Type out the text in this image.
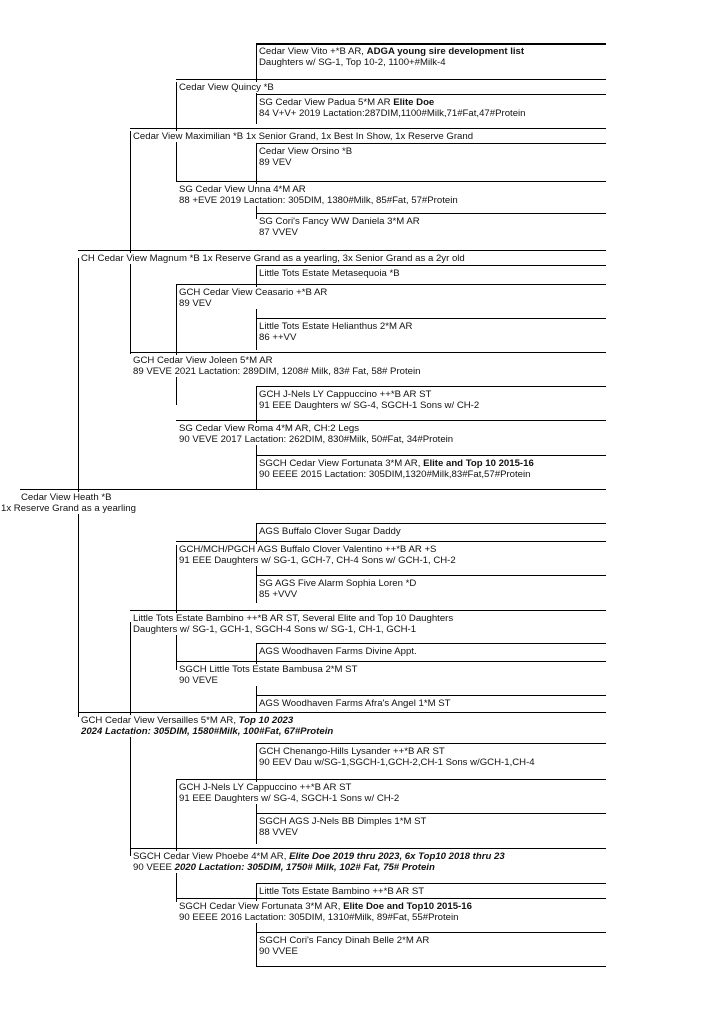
Cedar View Vito +*B AR, ADGA young sire development list
Daughters w/ SG-1, Top 10-2, 1100+#Milk-4
Cedar View Quincy *B
SG Cedar View Padua 5*M AR Elite Doe
84 V+V+ 2019 Lactation:287DIM,1100#Milk,71#Fat,47#Protein
Cedar View Maximilian *B 1x Senior Grand, 1x Best In Show, 1x Reserve Grand
Cedar View Orsino *B
89 VEV
SG Cedar View Unna 4*M AR
88 +EVE 2019 Lactation: 305DIM, 1380#Milk, 85#Fat, 57#Protein
SG Cori's Fancy WW Daniela 3*M AR
87 VVEV
CH Cedar View Magnum *B 1x Reserve Grand as a yearling, 3x Senior Grand as a 2yr old
Little Tots Estate Metasequoia *B
GCH Cedar View Ceasario +*B AR
89 VEV
Little Tots Estate Helianthus 2*M AR
86 ++VV
GCH Cedar View Joleen 5*M AR
89 VEVE 2021 Lactation: 289DIM, 1208# Milk, 83# Fat, 58# Protein
GCH J-Nels LY Cappuccino ++*B AR ST
91 EEE Daughters w/ SG-4, SGCH-1 Sons w/ CH-2
SG Cedar View Roma 4*M AR, CH:2 Legs
90 VEVE 2017 Lactation: 262DIM, 830#Milk, 50#Fat, 34#Protein
SGCH Cedar View Fortunata 3*M AR, Elite and Top 10 2015-16
90 EEEE 2015 Lactation: 305DIM,1320#Milk,83#Fat,57#Protein
Cedar View Heath *B
1x Reserve Grand as a yearling
AGS Buffalo Clover Sugar Daddy
GCH/MCH/PGCH AGS Buffalo Clover Valentino ++*B AR +S
91 EEE Daughters w/ SG-1, GCH-7, CH-4 Sons w/ GCH-1, CH-2
SG AGS Five Alarm Sophia Loren *D
85 +VVV
Little Tots Estate Bambino ++*B AR ST, Several Elite and Top 10 Daughters
Daughters w/ SG-1, GCH-1, SGCH-4 Sons w/ SG-1, CH-1, GCH-1
AGS Woodhaven Farms Divine Appt.
SGCH Little Tots Estate Bambusa 2*M ST
90 VEVE
AGS Woodhaven Farms Afra's Angel 1*M ST
GCH Cedar View Versailles 5*M AR, Top 10 2023
2024 Lactation: 305DIM, 1580#Milk, 100#Fat, 67#Protein
GCH Chenango-Hills Lysander ++*B AR ST
90 EEV Dau w/SG-1,SGCH-1,GCH-2,CH-1 Sons w/GCH-1,CH-4
GCH J-Nels LY Cappuccino ++*B AR ST
91 EEE Daughters w/ SG-4, SGCH-1 Sons w/ CH-2
SGCH AGS J-Nels BB Dimples 1*M ST
88 VVEV
SGCH Cedar View Phoebe 4*M AR, Elite Doe 2019 thru 2023, 6x Top10 2018 thru 23
90 VEEE 2020 Lactation: 305DIM, 1750# Milk, 102# Fat, 75# Protein
Little Tots Estate Bambino ++*B AR ST
SGCH Cedar View Fortunata 3*M AR, Elite Doe and Top10 2015-16
90 EEEE 2016 Lactation: 305DIM, 1310#Milk, 89#Fat, 55#Protein
SGCH Cori's Fancy Dinah Belle 2*M AR
90 VVEE
